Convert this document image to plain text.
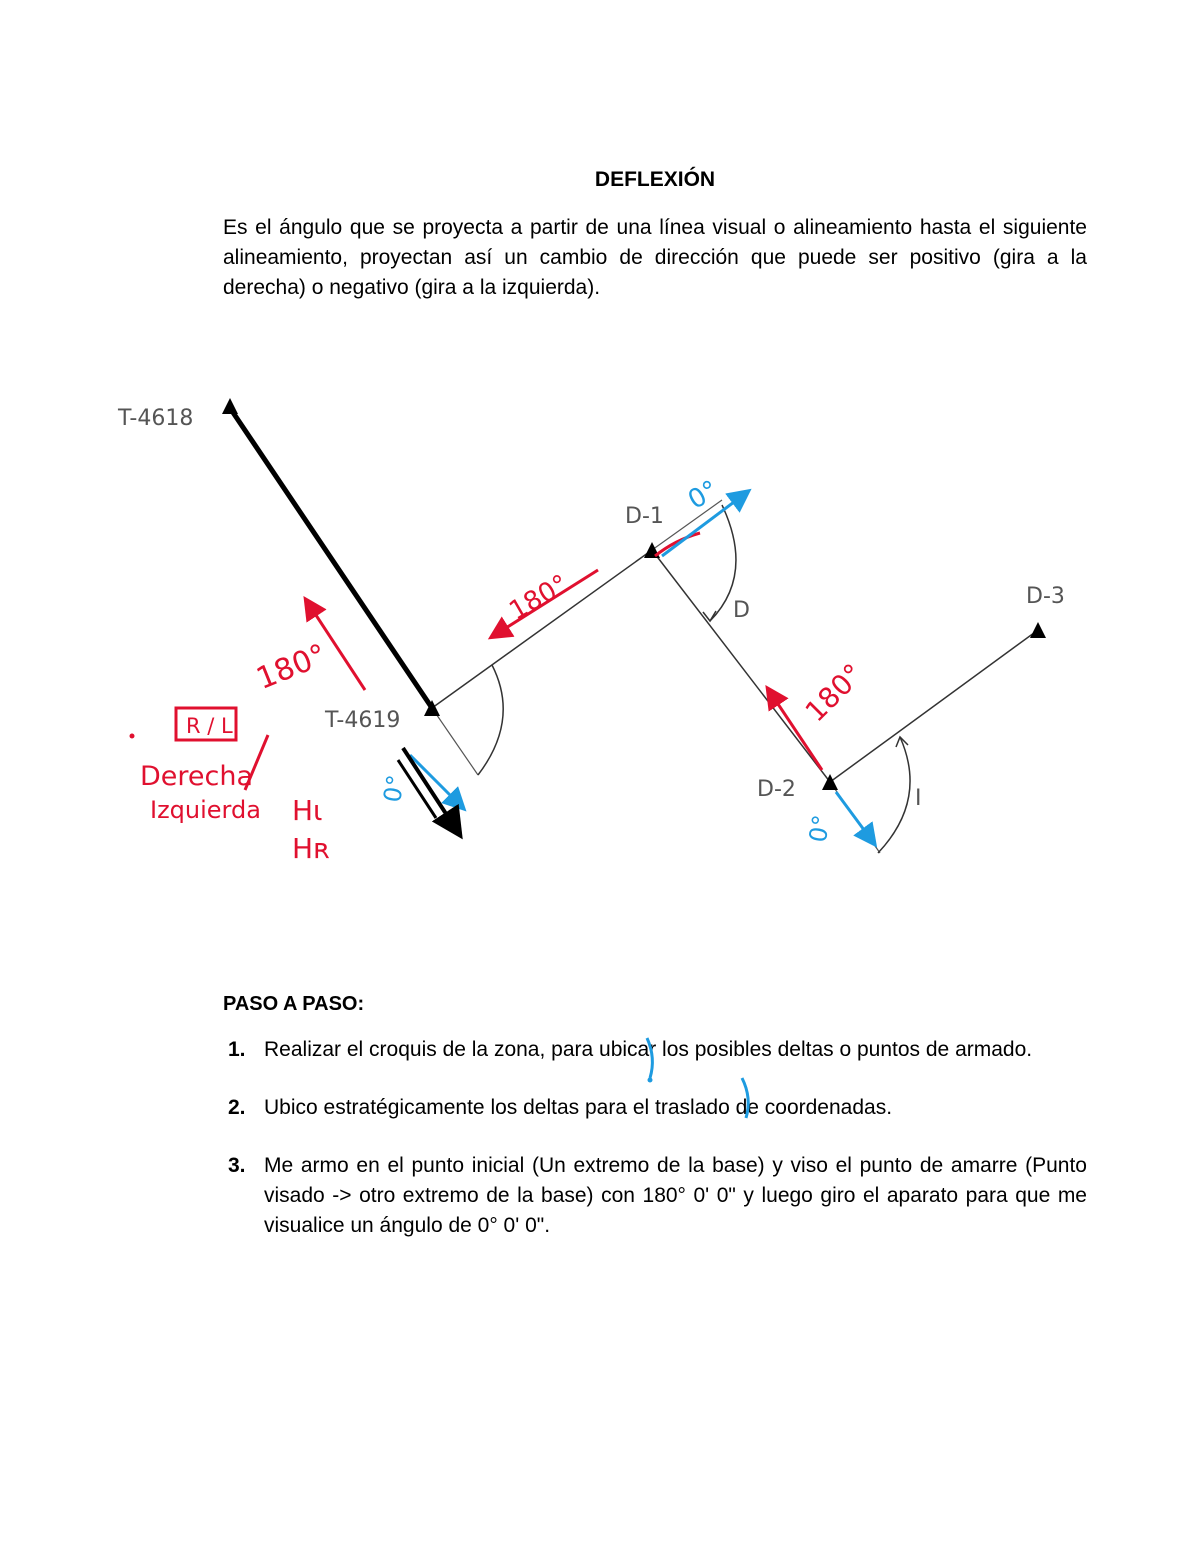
DEFLEXIÓN
Es el ángulo que se proyecta a partir de una línea visual o alineamiento hasta el siguiente alineamiento, proyectan así un cambio de dirección que puede ser positivo (gira a la derecha) o negativo (gira a la izquierda).
T-4618
T-4619
D-1
D-2
D-3
D
I
180°
180°
180°
R / L
Derecha
Izquierda Hι
Hʀ
0°
0°
0°
PASO A PASO:
1. Realizar el croquis de la zona, para ubicar los posibles deltas o puntos de armado.
2. Ubico estratégicamente los deltas para el traslado de coordenadas.
3. Me armo en el punto inicial (Un extremo de la base) y viso el punto de amarre (Punto visado -> otro extremo de la base) con 180° 0' 0" y luego giro el aparato para que me visualice un ángulo de 0° 0' 0".
